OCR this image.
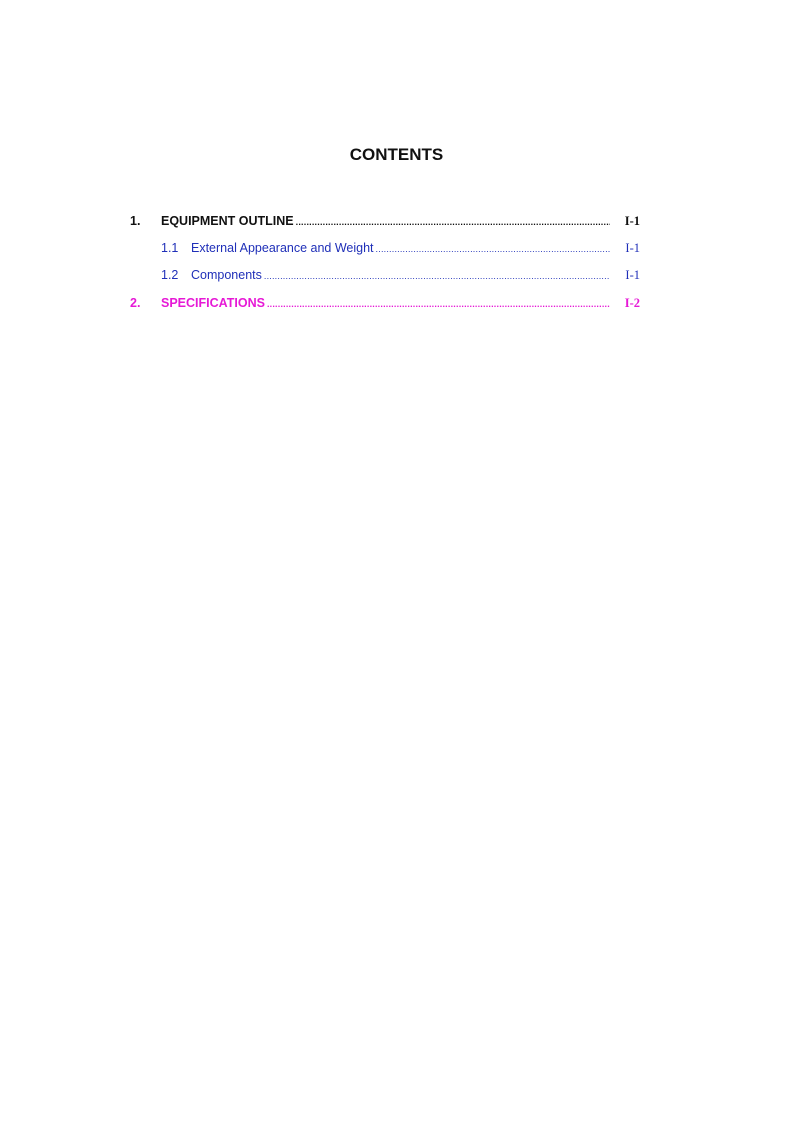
CONTENTS
1.	EQUIPMENT OUTLINE .....	I-1
1.1	External Appearance and Weight .....	I-1
1.2	Components .....	I-1
2.	SPECIFICATIONS .....	I-2
